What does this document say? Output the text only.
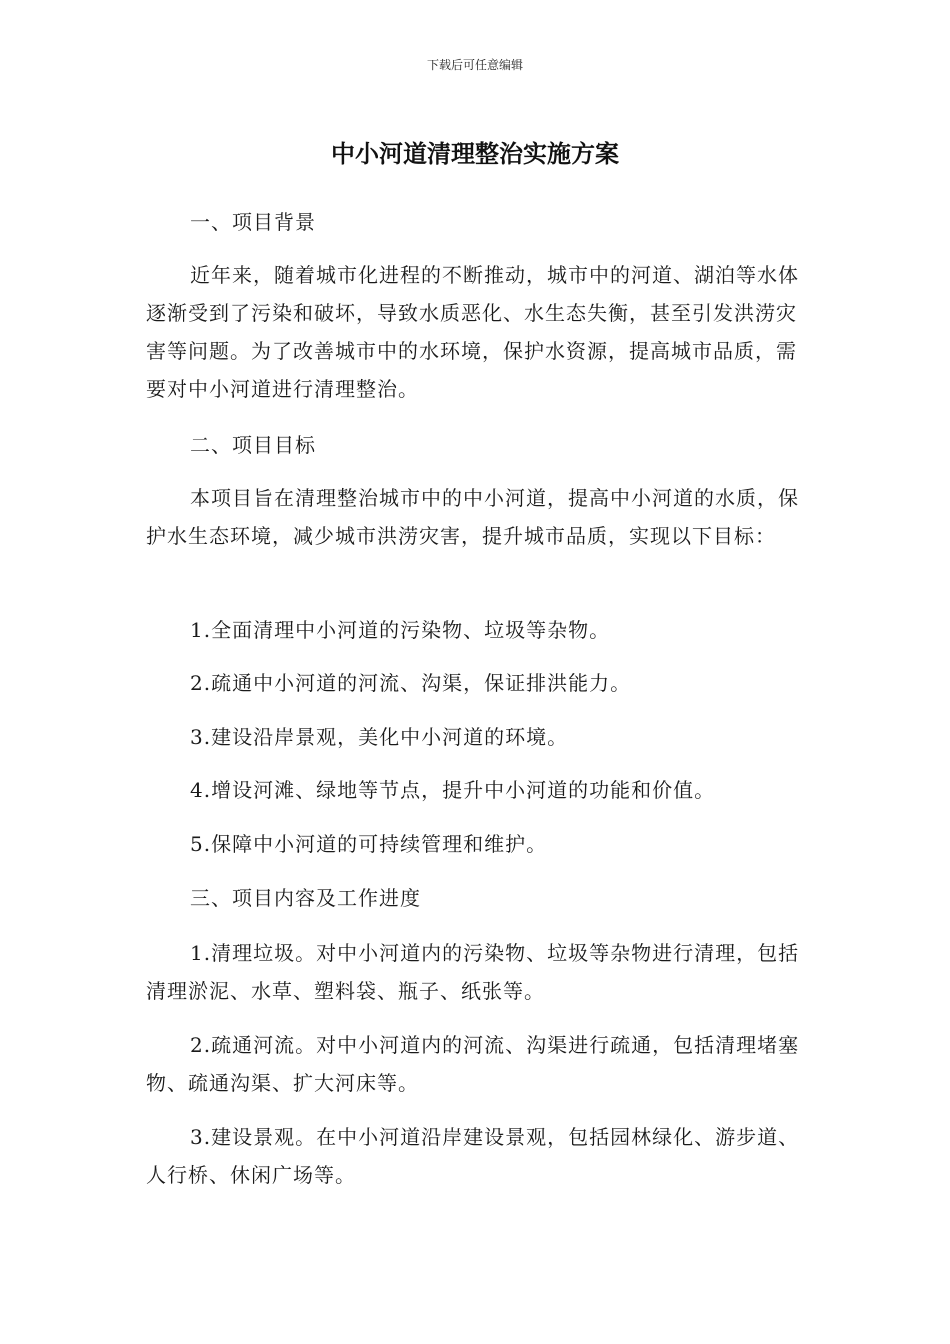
下载后可任意编辑
中小河道清理整治实施方案

一、项目背景

近年来，随着城市化进程的不断推动，城市中的河道、湖泊等水体逐渐受到了污染和破坏，导致水质恶化、水生态失衡，甚至引发洪涝灾害等问题。为了改善城市中的水环境，保护水资源，提高城市品质，需要对中小河道进行清理整治。

二、项目目标

本项目旨在清理整治城市中的中小河道，提高中小河道的水质，保护水生态环境，减少城市洪涝灾害，提升城市品质，实现以下目标：

1.全面清理中小河道的污染物、垃圾等杂物。

2.疏通中小河道的河流、沟渠，保证排洪能力。

3.建设沿岸景观，美化中小河道的环境。

4.增设河滩、绿地等节点，提升中小河道的功能和价值。

5.保障中小河道的可持续管理和维护。

三、项目内容及工作进度

1.清理垃圾。对中小河道内的污染物、垃圾等杂物进行清理，包括清理淤泥、水草、塑料袋、瓶子、纸张等。

2.疏通河流。对中小河道内的河流、沟渠进行疏通，包括清理堵塞物、疏通沟渠、扩大河床等。

3.建设景观。在中小河道沿岸建设景观，包括园林绿化、游步道、人行桥、休闲广场等。
